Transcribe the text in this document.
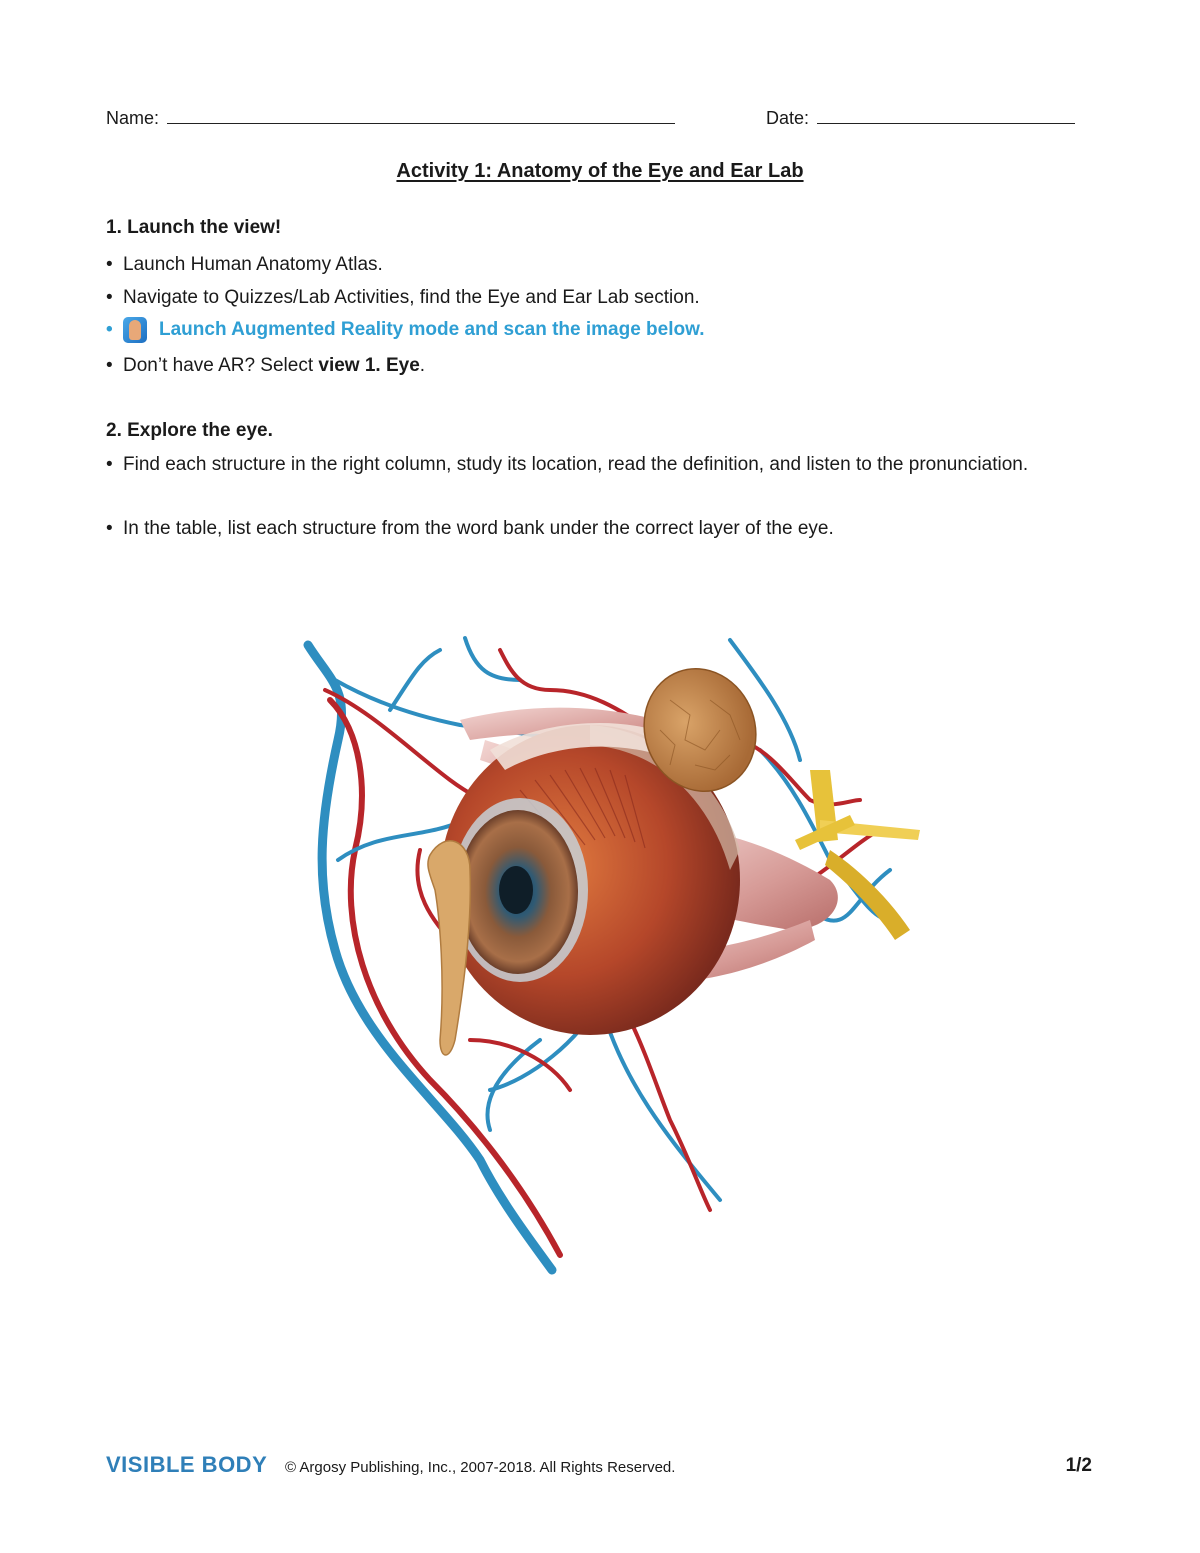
Name:	Date:
Activity 1: Anatomy of the Eye and Ear Lab
1. Launch the view!
• Launch Human Anatomy Atlas.
• Navigate to Quizzes/Lab Activities, find the Eye and Ear Lab section.
•	Launch Augmented Reality mode and scan the image below.
• Don’t have AR? Select view 1. Eye.
2. Explore the eye.
• Find each structure in the right column, study its location, read the definition, and listen to the pronunciation.
• In the table, list each structure from the word bank under the correct layer of the eye.
VISIBLE BODY © Argosy Publishing, Inc., 2007-2018. All Rights Reserved.	1/2
